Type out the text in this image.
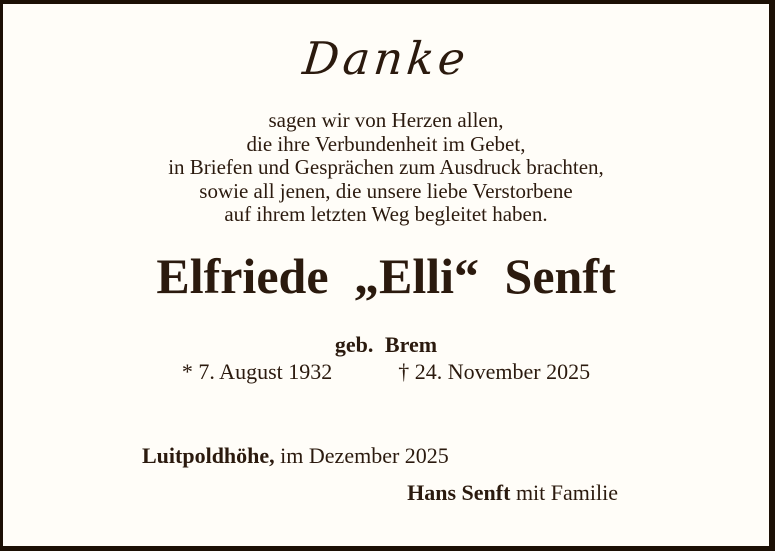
Danke
sagen wir von Herzen allen,
die ihre Verbundenheit im Gebet,
in Briefen und Gesprächen zum Ausdruck brachten,
sowie all jenen, die unsere liebe Verstorbene
auf ihrem letzten Weg begleitet haben.
Elfriede „Elli“ Senft
geb. Brem
* 7. August 1932	† 24. November 2025
Luitpoldhöhe, im Dezember 2025
Hans Senft mit Familie
